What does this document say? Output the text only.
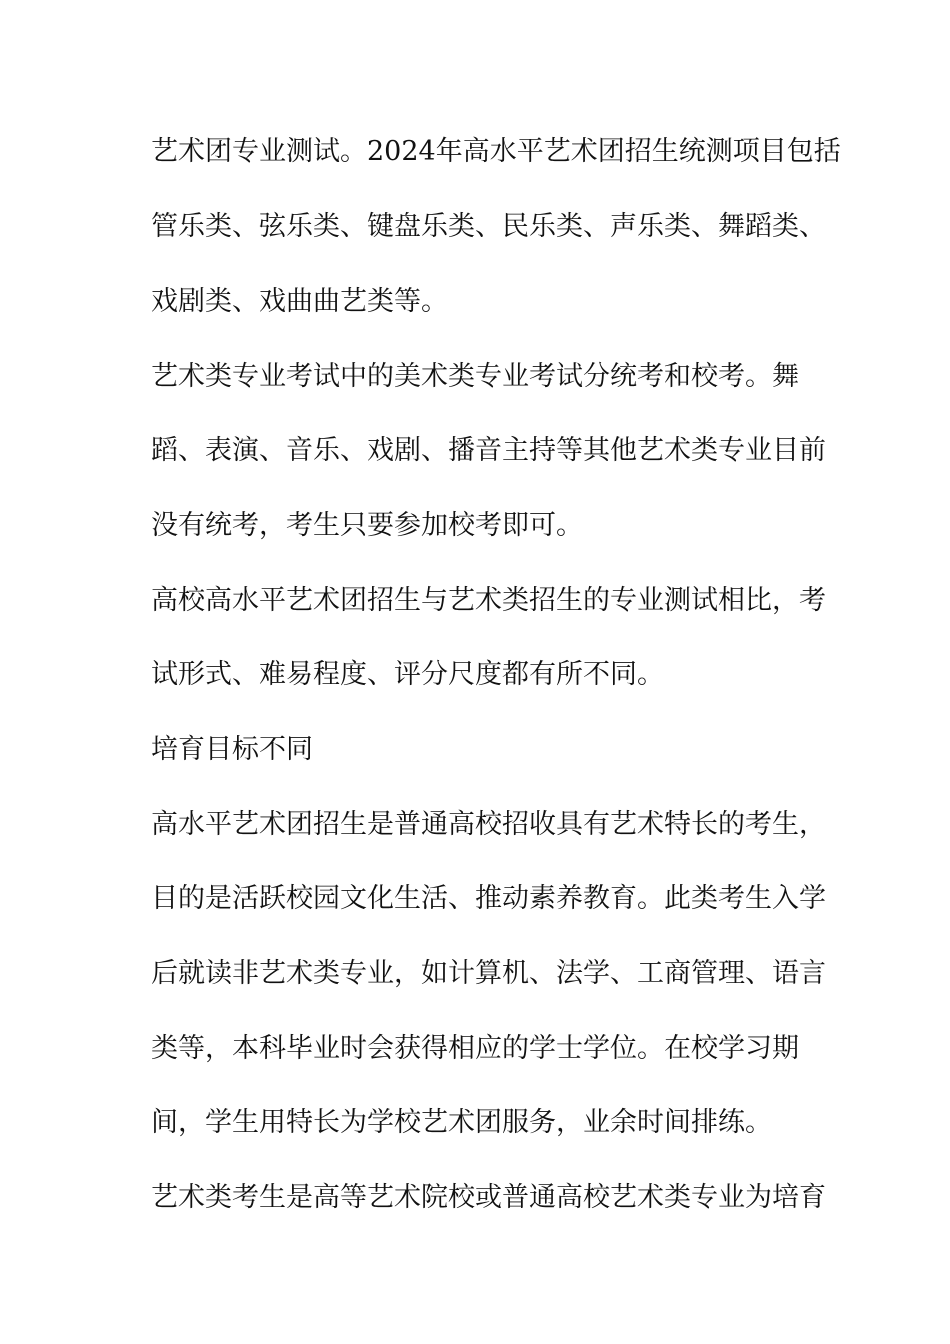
艺术团专业测试。2024年高水平艺术团招生统测项目包括
管乐类、弦乐类、键盘乐类、民乐类、声乐类、舞蹈类、
戏剧类、戏曲曲艺类等。
艺术类专业考试中的美术类专业考试分统考和校考。舞
蹈、表演、音乐、戏剧、播音主持等其他艺术类专业目前
没有统考，考生只要参加校考即可。
高校高水平艺术团招生与艺术类招生的专业测试相比，考
试形式、难易程度、评分尺度都有所不同。
培育目标不同
高水平艺术团招生是普通高校招收具有艺术特长的考生，
目的是活跃校园文化生活、推动素养教育。此类考生入学
后就读非艺术类专业，如计算机、法学、工商管理、语言
类等，本科毕业时会获得相应的学士学位。在校学习期
间，学生用特长为学校艺术团服务，业余时间排练。
艺术类考生是高等艺术院校或普通高校艺术类专业为培育
